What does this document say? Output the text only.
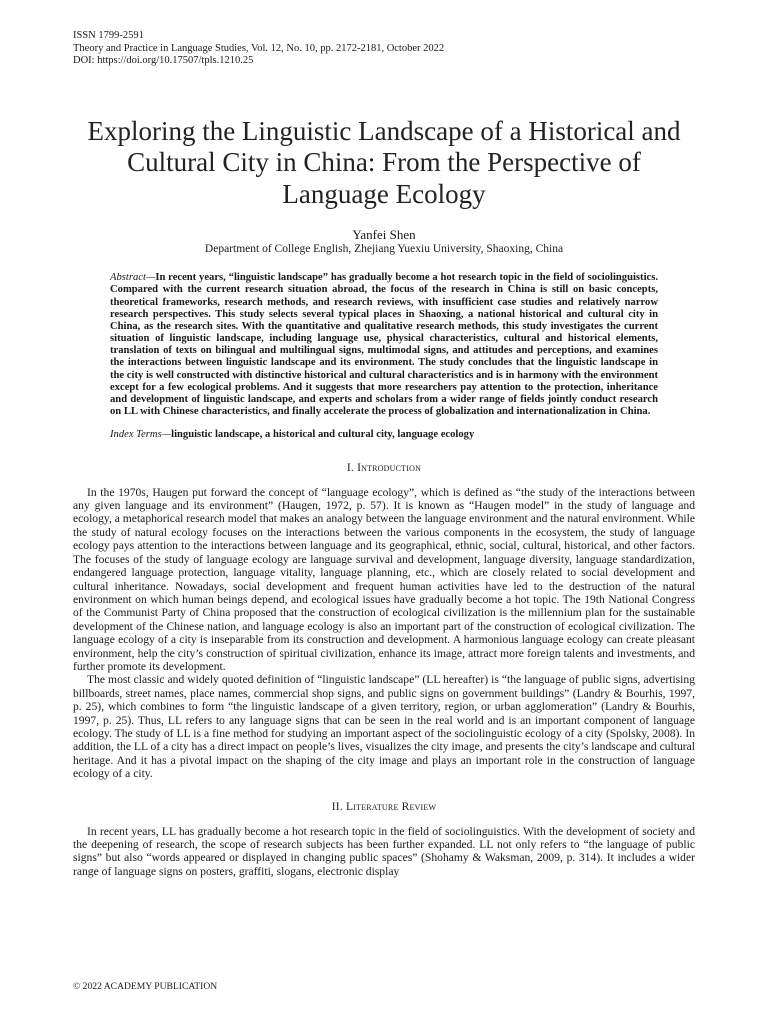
ISSN 1799-2591
Theory and Practice in Language Studies, Vol. 12, No. 10, pp. 2172-2181, October 2022
DOI: https://doi.org/10.17507/tpls.1210.25
Exploring the Linguistic Landscape of a Historical and Cultural City in China: From the Perspective of Language Ecology
Yanfei Shen
Department of College English, Zhejiang Yuexiu University, Shaoxing, China
Abstract—In recent years, “linguistic landscape” has gradually become a hot research topic in the field of sociolinguistics. Compared with the current research situation abroad, the focus of the research in China is still on basic concepts, theoretical frameworks, research methods, and research reviews, with insufficient case studies and relatively narrow research perspectives. This study selects several typical places in Shaoxing, a national historical and cultural city in China, as the research sites. With the quantitative and qualitative research methods, this study investigates the current situation of linguistic landscape, including language use, physical characteristics, cultural and historical elements, translation of texts on bilingual and multilingual signs, multimodal signs, and attitudes and perceptions, and examines the interactions between linguistic landscape and its environment. The study concludes that the linguistic landscape in the city is well constructed with distinctive historical and cultural characteristics and is in harmony with the environment except for a few ecological problems. And it suggests that more researchers pay attention to the protection, inheritance and development of linguistic landscape, and experts and scholars from a wider range of fields jointly conduct research on LL with Chinese characteristics, and finally accelerate the process of globalization and internationalization in China.
Index Terms—linguistic landscape, a historical and cultural city, language ecology
I. Introduction

In the 1970s, Haugen put forward the concept of “language ecology”, which is defined as “the study of the interactions between any given language and its environment” (Haugen, 1972, p. 57). It is known as “Haugen model” in the study of language and ecology, a metaphorical research model that makes an analogy between the language environment and the natural environment. While the study of natural ecology focuses on the interactions between the various components in the ecosystem, the study of language ecology pays attention to the interactions between language and its geographical, ethnic, social, cultural, historical, and other factors. The focuses of the study of language ecology are language survival and development, language diversity, language standardization, endangered language protection, language vitality, language planning, etc., which are closely related to social development and cultural inheritance. Nowadays, social development and frequent human activities have led to the destruction of the natural environment on which human beings depend, and ecological issues have gradually become a hot topic. The 19th National Congress of the Communist Party of China proposed that the construction of ecological civilization is the millennium plan for the sustainable development of the Chinese nation, and language ecology is also an important part of the construction of ecological civilization. The language ecology of a city is inseparable from its construction and development. A harmonious language ecology can create pleasant environment, help the city’s construction of spiritual civilization, enhance its image, attract more foreign talents and investments, and further promote its development.

The most classic and widely quoted definition of “linguistic landscape” (LL hereafter) is “the language of public signs, advertising billboards, street names, place names, commercial shop signs, and public signs on government buildings” (Landry & Bourhis, 1997, p. 25), which combines to form “the linguistic landscape of a given territory, region, or urban agglomeration” (Landry & Bourhis, 1997, p. 25). Thus, LL refers to any language signs that can be seen in the real world and is an important component of language ecology. The study of LL is a fine method for studying an important aspect of the sociolinguistic ecology of a city (Spolsky, 2008). In addition, the LL of a city has a direct impact on people’s lives, visualizes the city image, and presents the city’s landscape and cultural heritage. And it has a pivotal impact on the shaping of the city image and plays an important role in the construction of language ecology of a city.

II. Literature Review

In recent years, LL has gradually become a hot research topic in the field of sociolinguistics. With the development of society and the deepening of research, the scope of research subjects has been further expanded. LL not only refers to “the language of public signs” but also “words appeared or displayed in changing public spaces” (Shohamy & Waksman, 2009, p. 314). It includes a wider range of language signs on posters, graffiti, slogans, electronic display

© 2022 ACADEMY PUBLICATION
